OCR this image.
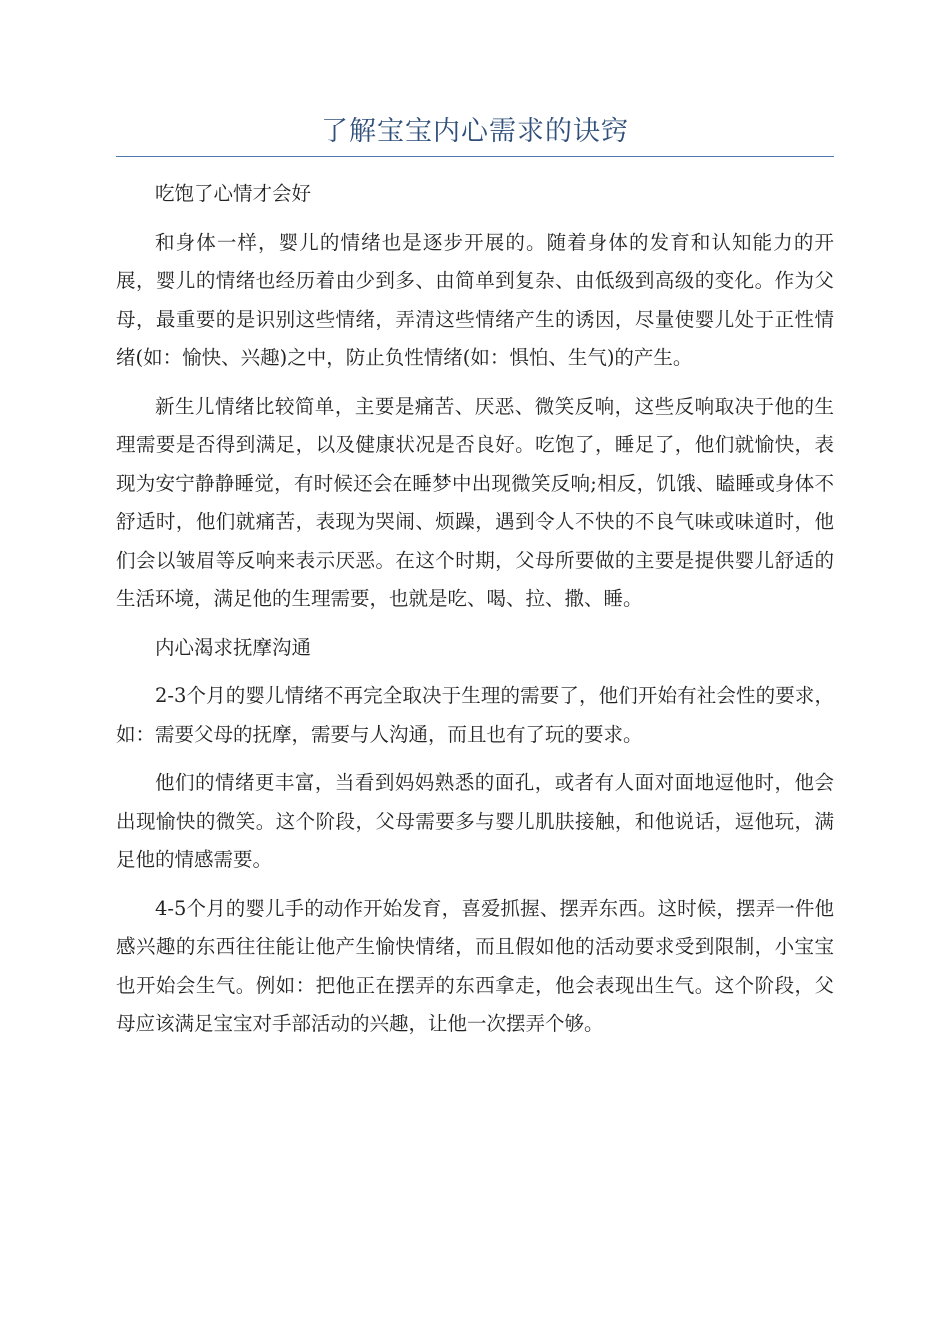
了解宝宝内心需求的诀窍

吃饱了心情才会好

和身体一样，婴儿的情绪也是逐步开展的。随着身体的发育和认知能力的开展，婴儿的情绪也经历着由少到多、由简单到复杂、由低级到高级的变化。作为父母，最重要的是识别这些情绪，弄清这些情绪产生的诱因，尽量使婴儿处于正性情绪(如：愉快、兴趣)之中，防止负性情绪(如：惧怕、生气)的产生。

新生儿情绪比较简单，主要是痛苦、厌恶、微笑反响，这些反响取决于他的生理需要是否得到满足，以及健康状况是否良好。吃饱了，睡足了，他们就愉快，表现为安宁静静睡觉，有时候还会在睡梦中出现微笑反响;相反，饥饿、瞌睡或身体不舒适时，他们就痛苦，表现为哭闹、烦躁，遇到令人不快的不良气味或味道时，他们会以皱眉等反响来表示厌恶。在这个时期，父母所要做的主要是提供婴儿舒适的生活环境，满足他的生理需要，也就是吃、喝、拉、撒、睡。

内心渴求抚摩沟通

2-3个月的婴儿情绪不再完全取决于生理的需要了，他们开始有社会性的要求，如：需要父母的抚摩，需要与人沟通，而且也有了玩的要求。

他们的情绪更丰富，当看到妈妈熟悉的面孔，或者有人面对面地逗他时，他会出现愉快的微笑。这个阶段，父母需要多与婴儿肌肤接触，和他说话，逗他玩，满足他的情感需要。

4-5个月的婴儿手的动作开始发育，喜爱抓握、摆弄东西。这时候，摆弄一件他感兴趣的东西往往能让他产生愉快情绪，而且假如他的活动要求受到限制，小宝宝也开始会生气。例如：把他正在摆弄的东西拿走，他会表现出生气。这个阶段，父母应该满足宝宝对手部活动的兴趣，让他一次摆弄个够。
